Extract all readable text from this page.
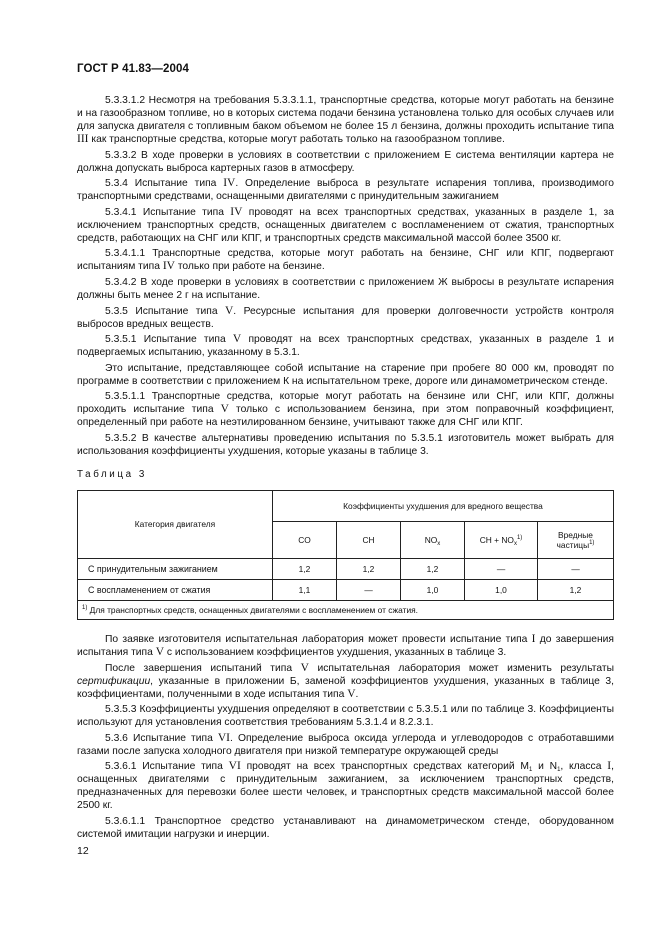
ГОСТ Р 41.83—2004

5.3.3.1.2 Несмотря на требования 5.3.3.1.1, транспортные средства, которые могут работать на бензине и на газообразном топливе, но в которых система подачи бензина установлена только для особых случаев или для запуска двигателя с топливным баком объемом не более 15 л бензина, должны проходить испытание типа III как транспортные средства, которые могут работать только на газообразном топливе.

5.3.3.2 В ходе проверки в условиях в соответствии с приложением Е система вентиляции картера не должна допускать выброса картерных газов в атмосферу.

5.3.4 Испытание типа IV. Определение выброса в результате испарения топлива, производимого транспортными средствами, оснащенными двигателями с принудительным зажиганием

5.3.4.1 Испытание типа IV проводят на всех транспортных средствах, указанных в разделе 1, за исключением транспортных средств, оснащенных двигателем с воспламенением от сжатия, транспортных средств, работающих на СНГ или КПГ, и транспортных средств максимальной массой более 3500 кг.

5.3.4.1.1 Транспортные средства, которые могут работать на бензине, СНГ или КПГ, подвергают испытаниям типа IV только при работе на бензине.

5.3.4.2 В ходе проверки в условиях в соответствии с приложением Ж выбросы в результате испарения должны быть менее 2 г на испытание.

5.3.5 Испытание типа V. Ресурсные испытания для проверки долговечности устройств контроля выбросов вредных веществ.

5.3.5.1 Испытание типа V проводят на всех транспортных средствах, указанных в разделе 1 и подвергаемых испытанию, указанному в 5.3.1.

Это испытание, представляющее собой испытание на старение при пробеге 80 000 км, проводят по программе в соответствии с приложением К на испытательном треке, дороге или динамометрическом стенде.

5.3.5.1.1 Транспортные средства, которые могут работать на бензине или СНГ, или КПГ, должны проходить испытание типа V только с использованием бензина, при этом поправочный коэффициент, определенный при работе на неэтилированном бензине, учитывают также для СНГ или КПГ.

5.3.5.2 В качестве альтернативы проведению испытания по 5.3.5.1 изготовитель может выбрать для использования коэффициенты ухудшения, которые указаны в таблице 3.

Таблица 3
Категория двигателя	Коэффициенты ухудшения для вредного вещества				
	CO	CH	$NO_x$	CH + $NO_x^{1)}$	Вредные
частицы$^{1)}$
С принудительным зажиганием	1,2	1,2	1,2	—	—
С воспламенением от сжатия	1,1	—	1,0	1,0	1,2
$^{1)}$ Для транспортных средств, оснащенных двигателями с воспламенением от сжатия.					

По заявке изготовителя испытательная лаборатория может провести испытание типа I до завершения испытания типа V с использованием коэффициентов ухудшения, указанных в таблице 3.

После завершения испытаний типа V испытательная лаборатория может изменить результаты сертификации, указанные в приложении Б, заменой коэффициентов ухудшения, указанных в таблице 3, коэффициентами, полученными в ходе испытания типа V.

5.3.5.3 Коэффициенты ухудшения определяют в соответствии с 5.3.5.1 или по таблице 3. Коэффициенты используют для установления соответствия требованиям 5.3.1.4 и 8.2.3.1.

5.3.6 Испытание типа VI. Определение выброса оксида углерода и углеводородов с отработавшими газами после запуска холодного двигателя при низкой температуре окружающей среды

5.3.6.1 Испытание типа VI проводят на всех транспортных средствах категорий $M_1$ и $N_1$, класса I, оснащенных двигателями с принудительным зажиганием, за исключением транспортных средств, предназначенных для перевозки более шести человек, и транспортных средств максимальной массой более 2500 кг.

5.3.6.1.1 Транспортное средство устанавливают на динамометрическом стенде, оборудованном системой имитации нагрузки и инерции.

12
